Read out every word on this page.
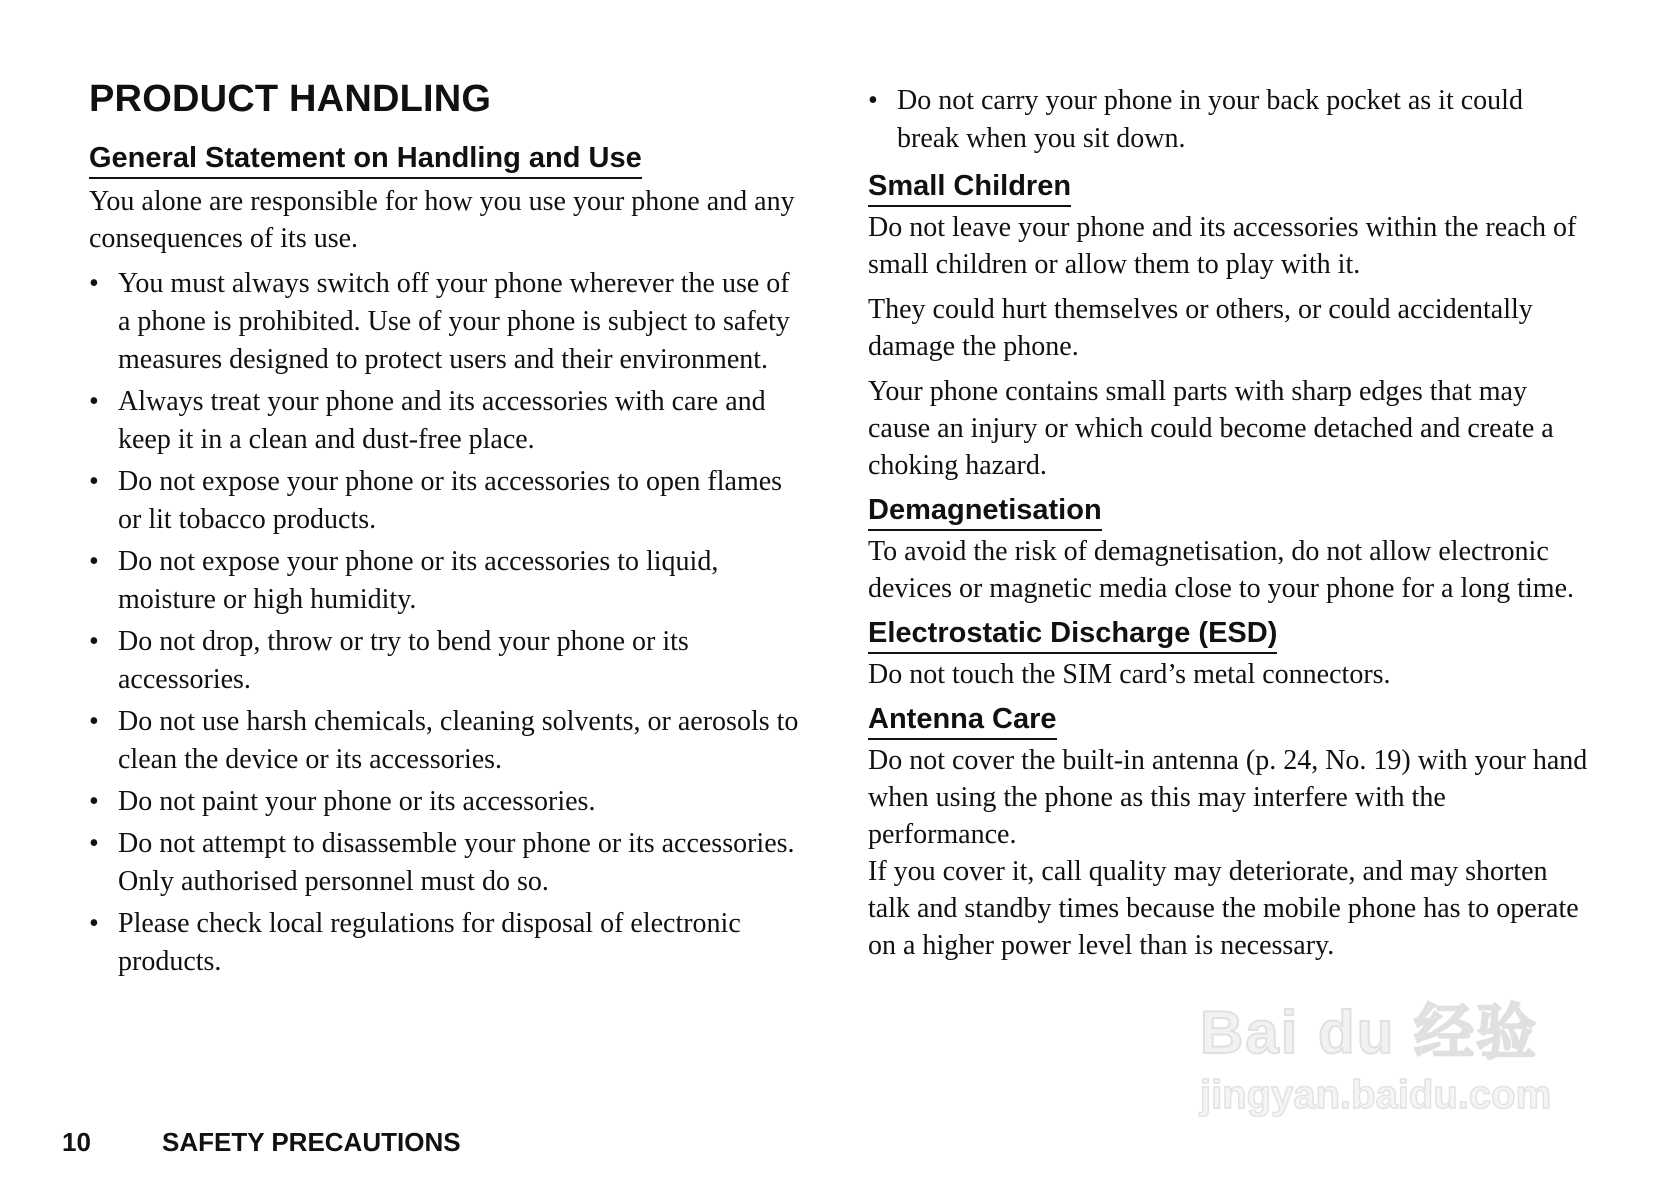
PRODUCT HANDLING
General Statement on Handling and Use

You alone are responsible for how you use your phone and any consequences of its use.

• You must always switch off your phone wherever the use of a phone is prohibited. Use of your phone is subject to safety measures designed to protect users and their environment.
• Always treat your phone and its accessories with care and keep it in a clean and dust-free place.
• Do not expose your phone or its accessories to open flames or lit tobacco products.
• Do not expose your phone or its accessories to liquid, moisture or high humidity.
• Do not drop, throw or try to bend your phone or its accessories.
• Do not use harsh chemicals, cleaning solvents, or aerosols to clean the device or its accessories.
• Do not paint your phone or its accessories.
• Do not attempt to disassemble your phone or its accessories. Only authorised personnel must do so.
• Please check local regulations for disposal of electronic products.
• Do not carry your phone in your back pocket as it could break when you sit down.
Small Children

Do not leave your phone and its accessories within the reach of small children or allow them to play with it.

They could hurt themselves or others, or could accidentally damage the phone.

Your phone contains small parts with sharp edges that may cause an injury or which could become detached and create a choking hazard.

Demagnetisation

To avoid the risk of demagnetisation, do not allow electronic devices or magnetic media close to your phone for a long time.

Electrostatic Discharge (ESD)

Do not touch the SIM card’s metal connectors.

Antenna Care

Do not cover the built-in antenna (p. 24, No. 19) with your hand when using the phone as this may interfere with the performance.

If you cover it, call quality may deteriorate, and may shorten talk and standby times because the mobile phone has to operate on a higher power level than is necessary.

10	SAFETY PRECAUTIONS
Bai du 经验
jingyan.baidu.com
